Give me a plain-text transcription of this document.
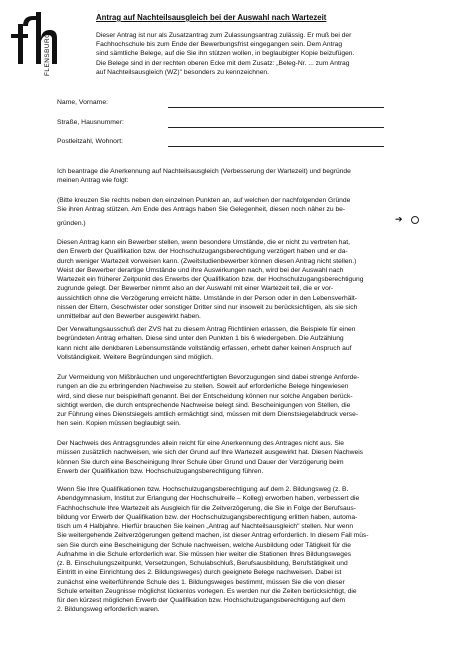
FLENSBURG
Antrag auf Nachteilsausgleich bei der Auswahl nach Wartezeit

Dieser Antrag ist nur als Zusatzantrag zum Zulassungsantrag zulässig. Er muß bei der

Fachhochschule bis zum Ende der Bewerbungsfrist eingegangen sein. Dem Antrag

sind sämtliche Belege, auf die Sie ihn stützen wollen, in beglaubigter Kopie beizufügen.

Die Belege sind in der rechten oberen Ecke mit dem Zusatz: „Beleg-Nr. ... zum Antrag

auf Nachteilsausgleich (WZ)" besonders zu kennzeichnen.

Name, Vorname:
Straße, Hausnummer:
Postleitzahl, Wohnort:

Ich beantrage die Anerkennung auf Nachteilsausgleich (Verbesserung der Wartezeit) und begründe

meinen Antrag wie folgt:

(Bitte kreuzen Sie rechts neben den einzelnen Punkten an, auf welchen der nachfolgenden Gründe

Sie ihren Antrag stützen. Am Ende des Antrags haben Sie Gelegenheit, diesen noch näher zu be-

gründen.)	➔

Diesen Antrag kann ein Bewerber stellen, wenn besondere Umstände, die er nicht zu vertreten hat,

den Erwerb der Qualifikation bzw. der Hochschulzugangsberechtigung verzögert haben und er da-

durch weniger Wartezeit vorweisen kann. (Zweitstudienbewerber können diesen Antrag nicht stellen.)

Weist der Bewerber derartige Umstände und ihre Auswirkungen nach, wird bei der Auswahl nach

Wartezeit ein früherer Zeitpunkt des Erwerbs der Qualifikation bzw. der Hochschulzugangsberechtigung

zugrunde gelegt. Der Bewerber nimmt also an der Auswahl mit einer Wartezeit teil, die er vor-

aussichtlich ohne die Verzögerung erreicht hätte. Umstände in der Person oder in den Lebensverhält-

nissen der Eltern, Geschwister oder sonstiger Dritter sind nur insoweit zu berücksichtigen, als sie sich

unmittelbar auf den Bewerber ausgewirkt haben.

Der Verwaltungsausschuß der ZVS hat zu diesem Antrag Richtlinien erlassen, die Beispiele für einen

begründeten Antrag erhalten. Diese sind unter den Punkten 1 bis 6 wiedergeben. Die Aufzählung

kann nicht alle denkbaren Lebensumstände vollständig erfassen, erhebt daher keinen Anspruch auf

Vollständigkeit. Weitere Begründungen sind möglich.

Zur Vermeidung von Mißbräuchen und ungerechtfertigten Bevorzugungen sind dabei strenge Anforde-

rungen an die zu erbringenden Nachweise zu stellen. Soweit auf erforderliche Belege hingewiesen

wird, sind diese nur beispielhaft genannt. Bei der Entscheidung können nur solche Angaben berück-

sichtigt werden, die durch entsprechende Nachweise belegt sind. Bescheinigungen von Stellen, die

zur Führung eines Dienstsiegels amtlich ermächtigt sind, müssen mit dem Dienstsiegelabdruck verse-

hen sein. Kopien müssen beglaubigt sein.

Der Nachweis des Antragsgrundes allein reicht für eine Anerkennung des Antrages nicht aus. Sie

müssen zusätzlich nachweisen, wie sich der Grund auf Ihre Wartezeit ausgewirkt hat. Diesen Nachweis

können Sie durch eine Bescheinigung Ihrer Schule über Grund und Dauer der Verzögerung beim

Erwerb der Qualifikation bzw. Hochschulzugangsberechtigung führen.

Wenn Sie Ihre Qualifikationen bzw. Hochschulzugangsberechtigung auf dem 2. Bildungsweg (z. B.

Abendgymnasium, Institut zur Erlangung der Hochschulreife – Kolleg) erworben haben, verbessert die

Fachhochschule Ihre Wartezeit als Ausgleich für die Zeitverzögerung, die Sie in Folge der Berufsaus-

bildung vor Erwerb der Qualifikation bzw. der Hochschulzugangsberechtigung erlitten haben, automa-

tisch um 4 Halbjahre. Hierfür brauchen Sie keinen „Antrag auf Nachteilsausgleich" stellen. Nur wenn

Sie weitergehende Zeitverzögerungen geltend machen, ist dieser Antrag erforderlich. In diesem Fall müs-

sen Sie durch eine Bescheinigung der Schule nachweisen, welche Ausbildung oder Tätigkeit für die

Aufnahme in die Schule erforderlich war. Sie müssen hier weiter die Stationen Ihres Bildungsweges

(z. B. Einschulungszeitpunkt, Versetzungen, Schulabschluß, Berufsausbildung, Berufstätigkeit und

Eintritt in eine Einrichtung des 2. Bildungsweges) durch geeignete Belege nachweisen. Dabei ist

zunächst eine weiterführende Schule des 1. Bildungsweges bestimmt, müssen Sie die von dieser

Schule erteilten Zeugnisse möglichst lückenlos vorlegen. Es werden nur die Zeiten berücksichtigt, die

für den kürzest möglichen Erwerb der Qualifikation bzw. Hochschulzugangsberechtigung auf dem

2. Bildungsweg erforderlich waren.
